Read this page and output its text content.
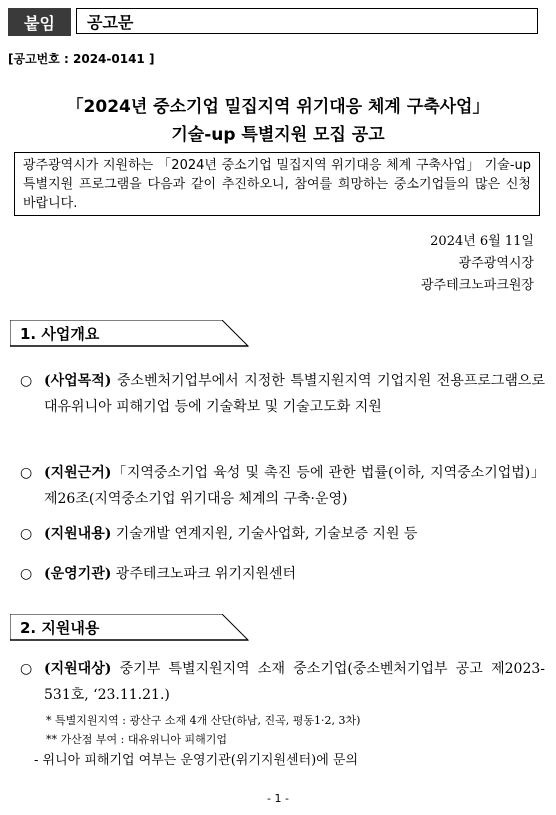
붙임	공고문
[공고번호 : 2024-0141 ]
「2024년 중소기업 밀집지역 위기대응 체계 구축사업」
기술-up 특별지원 모집 공고
광주광역시가 지원하는 「2024년 중소기업 밀집지역 위기대응 체계 구축사업」 기술-up 특별지원 프로그램을 다음과 같이 추진하오니, 참여를 희망하는 중소기업들의 많은 신청 바랍니다.
2024년 6월 11일
광주광역시장
광주테크노파크원장
1. 사업개요
○ (사업목적) 중소벤처기업부에서 지정한 특별지원지역 기업지원 전용프로그램으로 대유위니아 피해기업 등에 기술확보 및 기술고도화 지원
○ (지원근거)「지역중소기업 육성 및 촉진 등에 관한 법률(이하, 지역중소기업법)」 제26조(지역중소기업 위기대응 체계의 구축·운영)
○ (지원내용) 기술개발 연계지원, 기술사업화, 기술보증 지원 등
○ (운영기관) 광주테크노파크 위기지원센터
2. 지원내용
○ (지원대상) 중기부 특별지원지역 소재 중소기업(중소벤처기업부 공고 제2023-531호, ‘23.11.21.)
* 특별지원지역 : 광산구 소재 4개 산단(하남, 진곡, 평동1·2, 3차)
** 가산점 부여 : 대유위니아 피해기업
- 위니아 피해기업 여부는 운영기관(위기지원센터)에 문의
- 1 -
